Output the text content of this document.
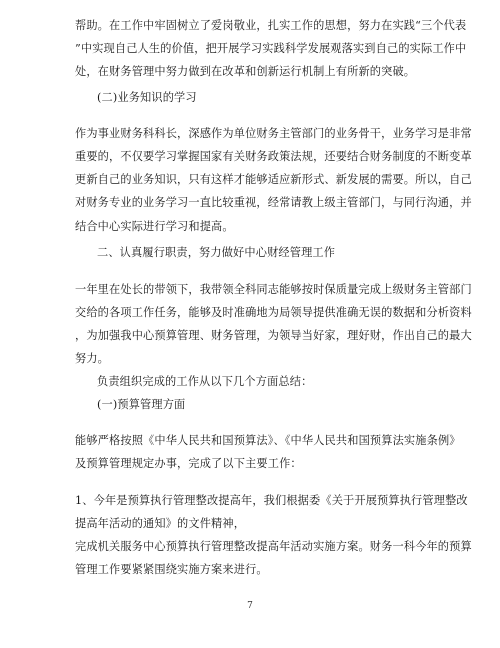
帮助。在工作中牢固树立了爱岗敬业，扎实工作的思想，努力在实践“三个代表
”中实现自己人生的价值，把开展学习实践科学发展观落实到自己的实际工作中
处，在财务管理中努力做到在改革和创新运行机制上有所新的突破。
(二)业务知识的学习
作为事业财务科科长，深感作为单位财务主管部门的业务骨干，业务学习是非常
重要的，不仅要学习掌握国家有关财务政策法规，还要结合财务制度的不断变革
更新自己的业务知识，只有这样才能够适应新形式、新发展的需要。所以，自己
对财务专业的业务学习一直比较重视，经常请教上级主管部门，与同行沟通，并
结合中心实际进行学习和提高。
二、认真履行职责，努力做好中心财经管理工作
一年里在处长的带领下，我带领全科同志能够按时保质量完成上级财务主管部门
交给的各项工作任务，能够及时准确地为局领导提供准确无误的数据和分析资料
，为加强我中心预算管理、财务管理，为领导当好家，理好财，作出自己的最大
努力。
负责组织完成的工作从以下几个方面总结：
(一)预算管理方面
能够严格按照《中华人民共和国预算法》、《中华人民共和国预算法实施条例》
及预算管理规定办事，完成了以下主要工作：
1、今年是预算执行管理整改提高年，我们根据委《关于开展预算执行管理整改
提高年活动的通知》的文件精神，
完成机关服务中心预算执行管理整改提高年活动实施方案。财务一科今年的预算
管理工作要紧紧围绕实施方案来进行。
7
